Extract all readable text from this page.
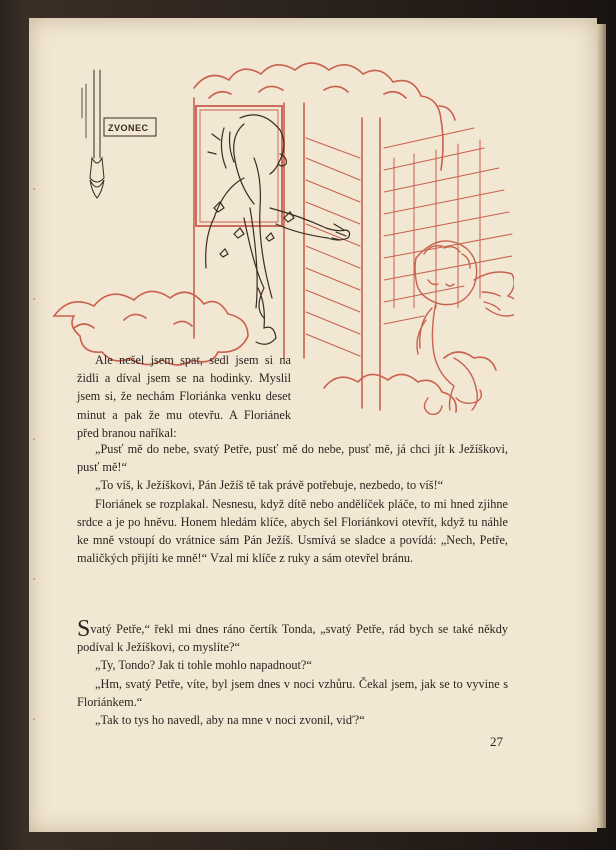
ZVONEC

Ale nešel jsem spat, sedl jsem si na židli a díval jsem se na hodinky. Myslil jsem si, že nechám Floriánka venku deset minut a pak že mu otevřu. A Floriánek před branou naříkal:

„Pusť mě do nebe, svatý Petře, pusť mě do nebe, pusť mě, já chci jít k Ježíškovi, pusť mě!“

„To víš, k Ježíškovi, Pán Ježíš tě tak právě potřebuje, nezbedo, to víš!“

Floriánek se rozplakal. Nesnesu, když dítě nebo andělíček pláče, to mi hned zjihne srdce a je po hněvu. Honem hledám klíče, abych šel Floriánkovi otevřít, když tu náhle ke mně vstoupí do vrátnice sám Pán Ježíš. Usmívá se sladce a povídá: „Nech, Petře, maličkých přijíti ke mně!“ Vzal mi klíče z ruky a sám otevřel bránu.

Svatý Petře,“ řekl mi dnes ráno čertík Tonda, „svatý Petře, rád bych se také někdy podíval k Ježíškovi, co myslíte?“

„Ty, Tondo? Jak ti tohle mohlo napadnout?“

„Hm, svatý Petře, víte, byl jsem dnes v noci vzhůru. Čekal jsem, jak se to vyvine s Floriánkem.“

„Tak to tys ho navedl, aby na mne v noci zvonil, viď?“

27
